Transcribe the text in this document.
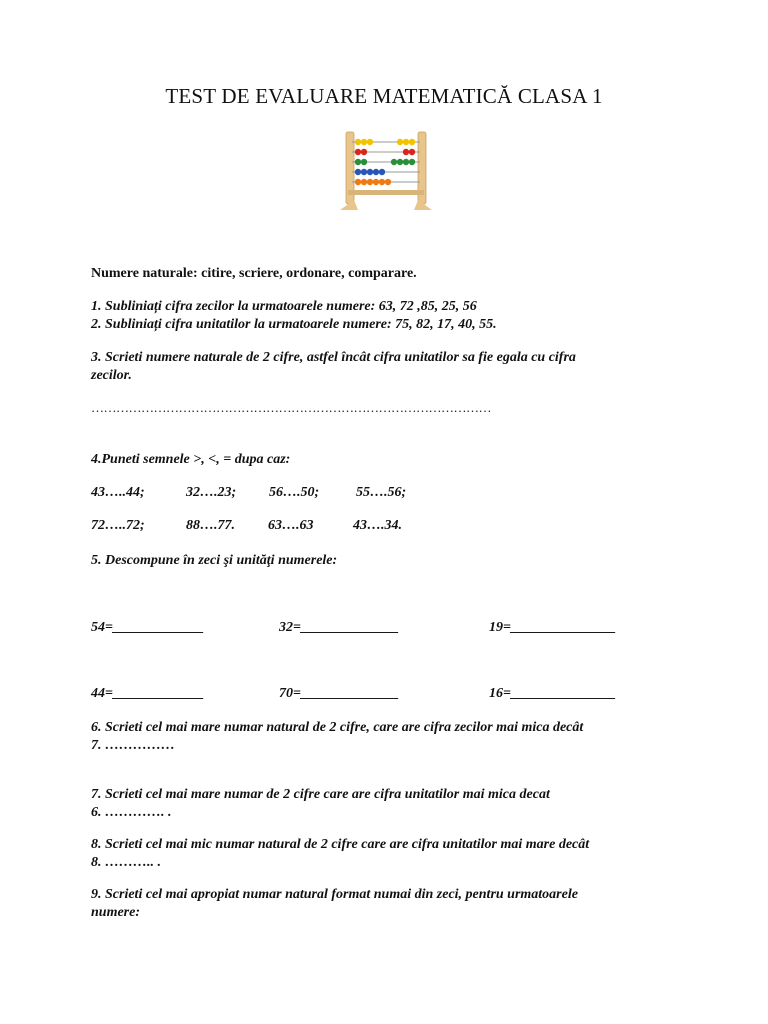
TEST DE EVALUARE MATEMATICĂ CLASA 1
Numere naturale: citire, scriere, ordonare, comparare.
1. Subliniați cifra zecilor la urmatoarele numere: 63, 72 ,85, 25, 56
2. Subliniați cifra unitatilor la urmatoarele numere: 75, 82, 17, 40, 55.

3. Scrieti numere naturale de 2 cifre, astfel încât cifra unitatilor sa fie egala cu cifra

zecilor.

……………………………………………………………………………………
4.Puneti semnele >, <, = dupa caz:
43…..44;	32….23; 56….50;	55….56;
72…..72;	88….77. 63….63	43….34.
5. Descompune în zeci şi unităţi numerele:
54=_____________	32=______________	19=_______________
44=_____________	70=______________	16=_______________

6. Scrieti cel mai mare numar natural de 2 cifre, care are cifra zecilor mai mica decât

7. ……………

7. Scrieti cel mai mare numar de 2 cifre care are cifra unitatilor mai mica decat

6. …………. .

8. Scrieti cel mai mic numar natural de 2 cifre care are cifra unitatilor mai mare decât

8. ……….. .

9. Scrieti cel mai apropiat numar natural format numai din zeci, pentru urmatoarele

numere:
